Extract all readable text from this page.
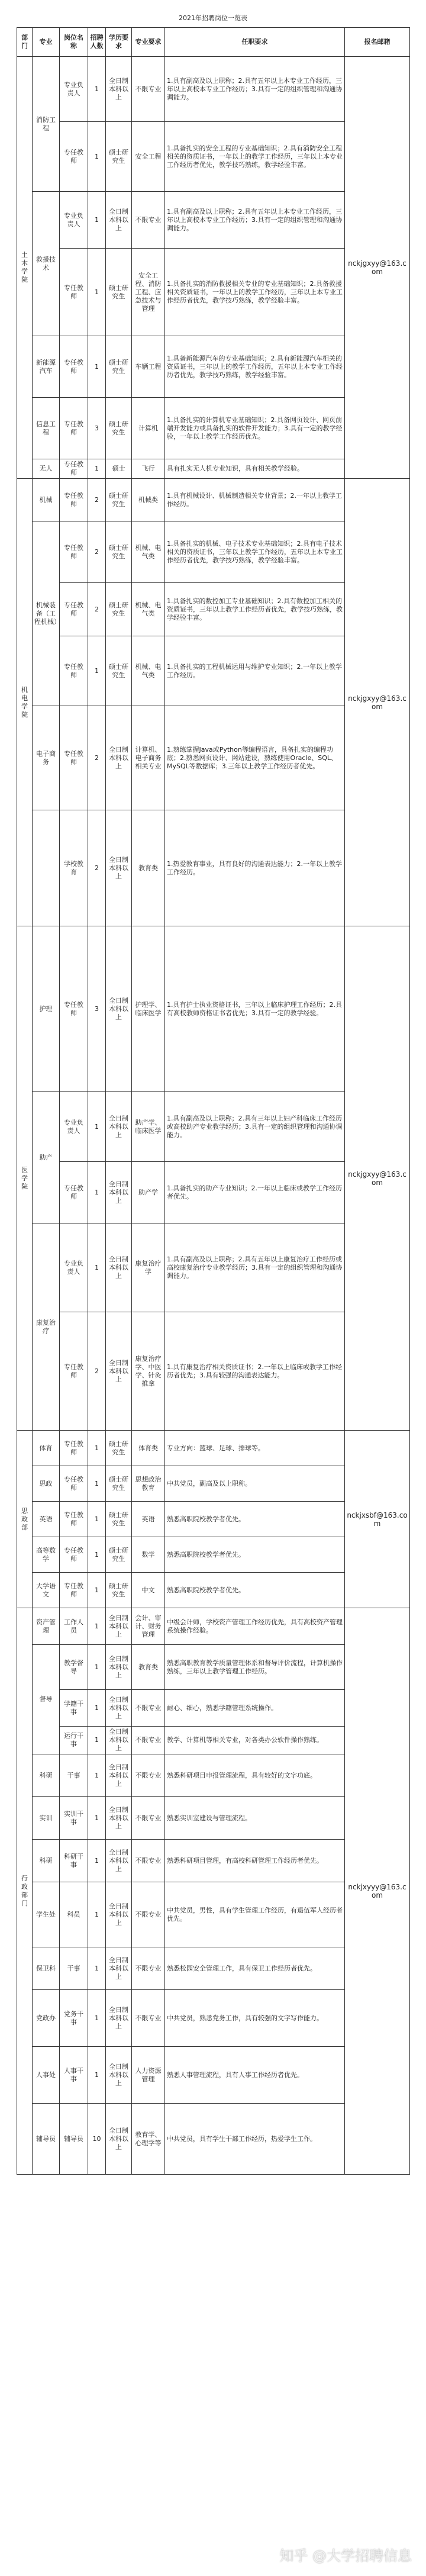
2021年招聘岗位一览表
部门	专业	岗位名称	招聘人数	学历要求	专业要求	任职要求	报名邮箱
土木学院	消防工程	专业负责人	1	全日制本科以上	不限专业	1.具有副高及以上职称；2.具有五年以上本专业工作经历，三年以上高校本专业工作经历；3.具有一定的组织管理和沟通协调能力。	nckjgxyy@163.com
		专任教师	1	硕士研究生	安全工程	1.具备扎实的安全工程的专业基础知识；2.具有消防安全工程相关的资质证书，一年以上的教学工作经历，三年以上本专业工作经历者优先，教学技巧熟练，教学经验丰富。	
	救援技术	专业负责人	1	全日制本科以上	不限专业	1.具有副高及以上职称；2.具有五年以上本专业工作经历，三年以上高校本专业工作经历；3.具有一定的组织管理和沟通协调能力。	
		专任教师	1	硕士研究生	安全工程、消防工程、应急技术与管理	1.具备扎实的消防救援相关专业的专业基础知识；2.具备救援相关资质证书，一年以上的教学工作经历，三年以上本专业工作经历者优先，教学技巧熟练，教学经验丰富。	
	新能源汽车	专任教师	1	硕士研究生	车辆工程	1.具备新能源汽车的专业基础知识；2.具有新能源汽车相关的资质证书，三年以上的教学工作经历，五年以上本专业工作经历者优先，教学技巧熟练，教学经验丰富。	
	信息工程	专任教师	3	硕士研究生	计算机	1.具备扎实的计算机专业基础知识；2.具备网页设计、网页前端开发能力或具备扎实的软件开发能力；3.具有一定的教学经验，一年以上教学工作经历优先。	
	无人	专任教师	1	硕士	飞行	具有扎实无人机专业知识，具有相关教学经验。	
机电学院	机械	专任教师	2	硕士研究生	机械类	1.具有机械设计、机械制造相关专业背景；2.一年以上教学工作经历。	nckjgxyy@163.com
	机械装备（工程机械）	专任教师	2	硕士研究生	机械、电气类	1.具备扎实的机械、电子技术专业基础知识；2.具有电子技术相关的资质证书，三年以上教学工作经历，五年以上本专业工作经历者优先，教学技巧熟练，教学经验丰富。	
		专任教师	2	硕士研究生	机械、电气类	1.具备扎实的数控加工专业基础知识；2.具有数控加工相关的资质证书，三年以上教学工作经历者优先，教学技巧熟练，教学经验丰富。	
		专任教师	1	硕士研究生	机械、电气类	1.具备扎实的工程机械运用与维护专业知识；2.一年以上教学工作经历。	
	电子商务	专任教师	2	全日制本科以上	计算机、电子商务相关专业	1.熟练掌握Java或Python等编程语言，具备扎实的编程功底；2.熟悉网页设计、网站建设，熟练使用Oracle、SQL、MySQL等数据库；3.三年以上教学工作经历者优先。	
		学校教育	2	全日制本科以上	教育类	1.热爱教育事业，具有良好的沟通表达能力；2.一年以上教学工作经历。	
医学院	护理	专任教师	3	全日制本科以上	护理学、临床医学	1.具有护士执业资格证书，三年以上临床护理工作经历；2.具有高校教师资格证书者优先；3.具有一定的教学经验。	nckjgxyy@163.com
	助产	专业负责人	1	全日制本科以上	助产学、临床医学	1.具有副高及以上职称；2.具有三年以上妇产科临床工作经历或高校助产专业教学经历；3.具有一定的组织管理和沟通协调能力。	
		专任教师	1	全日制本科以上	助产学	1.具备扎实的助产专业知识；2.一年以上临床或教学工作经历者优先。	
	康复治疗	专业负责人	1	全日制本科以上	康复治疗学	1.具有副高及以上职称；2.具有五年以上康复治疗工作经历或高校康复治疗专业教学经历；3.具有一定的组织管理和沟通协调能力。	
		专任教师	2	全日制本科以上	康复治疗学、中医学、针灸推拿	1.具有康复治疗相关资质证书；2.一年以上临床或教学工作经历者优先；3.具有较强的沟通表达能力。	
思政部	体育	专任教师	1	硕士研究生	体育类	专业方向：篮球、足球、排球等。	nckjxsbf@163.com
	思政	专任教师	1	硕士研究生	思想政治教育	中共党员，副高及以上职称。	
	英语	专任教师	1	硕士研究生	英语	熟悉高职院校教学者优先。	
	高等数学	专任教师	1	硕士研究生	数学	熟悉高职院校教学者优先。	
	大学语文	专任教师	1	硕士研究生	中文	熟悉高职院校教学者优先。	
行政部门	资产管理	工作人员	1	全日制本科以上	会计、审计、财务管理	中级会计师，学校资产管理工作经历优先，具有高校资产管理系统操作经验。	nckjxyyy@163.com
	督导	教学督导	1	全日制本科以上	教育类	熟悉高职教育教学质量管理体系和督导评价流程，计算机操作熟练，三年以上教学管理工作经历。	
		学籍干事	1	全日制本科以上	不限专业	耐心、细心，熟悉学籍管理系统操作。	
		运行干事	1	全日制本科以上	不限专业	教学、计算机等相关专业，对各类办公软件操作熟练。	
	科研	干事	1	全日制本科以上	不限专业	熟悉科研项目申报管理流程，具有较好的文字功底。	
	实训	实训干事	1	全日制本科以上	不限专业	熟悉实训室建设与管理流程。	
	科研	科研干事	1	全日制本科以上	不限专业	熟悉科研项目管理，有高校科研管理工作经历者优先。	
	学生处	科员	1	全日制本科以上	不限专业	中共党员，男性，具有学生管理工作经历，有退伍军人经历者优先。	
	保卫科	干事	1	全日制本科以上	不限专业	熟悉校园安全管理工作，具有保卫工作经历者优先。	
	党政办	党务干事	1	全日制本科以上	不限专业	中共党员，熟悉党务工作，具有较强的文字写作能力。	
	人事处	人事干事	1	全日制本科以上	人力资源管理	熟悉人事管理流程，具有人事工作经历者优先。	
	辅导员	辅导员	10	全日制本科以上	教育学、心理学等	中共党员，具有学生干部工作经历，热爱学生工作。	
知乎 @大学招聘信息
